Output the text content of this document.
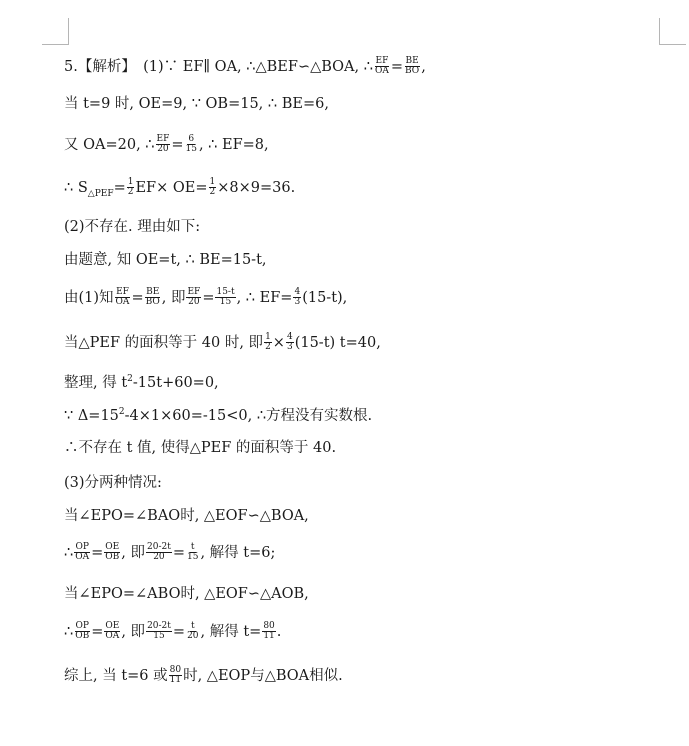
5.【解析】　(1)∵ EF∥ OA, ∴△BEF∽△BOA, ∴ $\frac{EF}{OA} = \frac{BE}{BO}$ ,
当 t=9 时, OE=9, ∵ OB=15, ∴ BE=6,
又 OA=20, ∴ $\frac{EF}{20} = \frac{6}{15}$ , ∴ EF=8,
∴ $S_{\triangle PEF}= \frac{1}{2} EF\times OE= \frac{1}{2} \times 8\times 9=36$.
(2)不存在. 理由如下:
由题意, 知 OE=t, ∴ BE=15-t,
由(1)知 $\frac{EF}{OA} = \frac{BE}{BO}$ , 即 $\frac{EF}{20} = \frac{15-t}{15}$ , ∴ $EF= \frac{4}{3} (15-t)$,
当△PEF 的面积等于 40 时, 即 $\frac{1}{2} \times \frac{4}{3} (15-t)$ t=40,
整理, 得 $t^2-15t+60=0$,
∵ $\Delta=15^2-4\times 1\times 60=-15<0$, ∴方程没有实数根.
∴不存在 t 值, 使得△PEF 的面积等于 40.
(3)分两种情况:
当∠EPO=∠BAO时, △EOF∽△BOA,
∴ $\frac{OP}{OA} = \frac{OE}{OB}$ , 即 $\frac{20-2t}{20} = \frac{t}{15}$ , 解得 t=6;
当∠EPO=∠ABO时, △EOF∽△AOB,
∴ $\frac{OP}{OB} = \frac{OE}{OA}$ , 即 $\frac{20-2t}{15} = \frac{t}{20}$ , 解得 $t= \frac{80}{11}$ .
综上, 当 t=6 或 $\frac{80}{11}$ 时, △EOP与△BOA相似.
